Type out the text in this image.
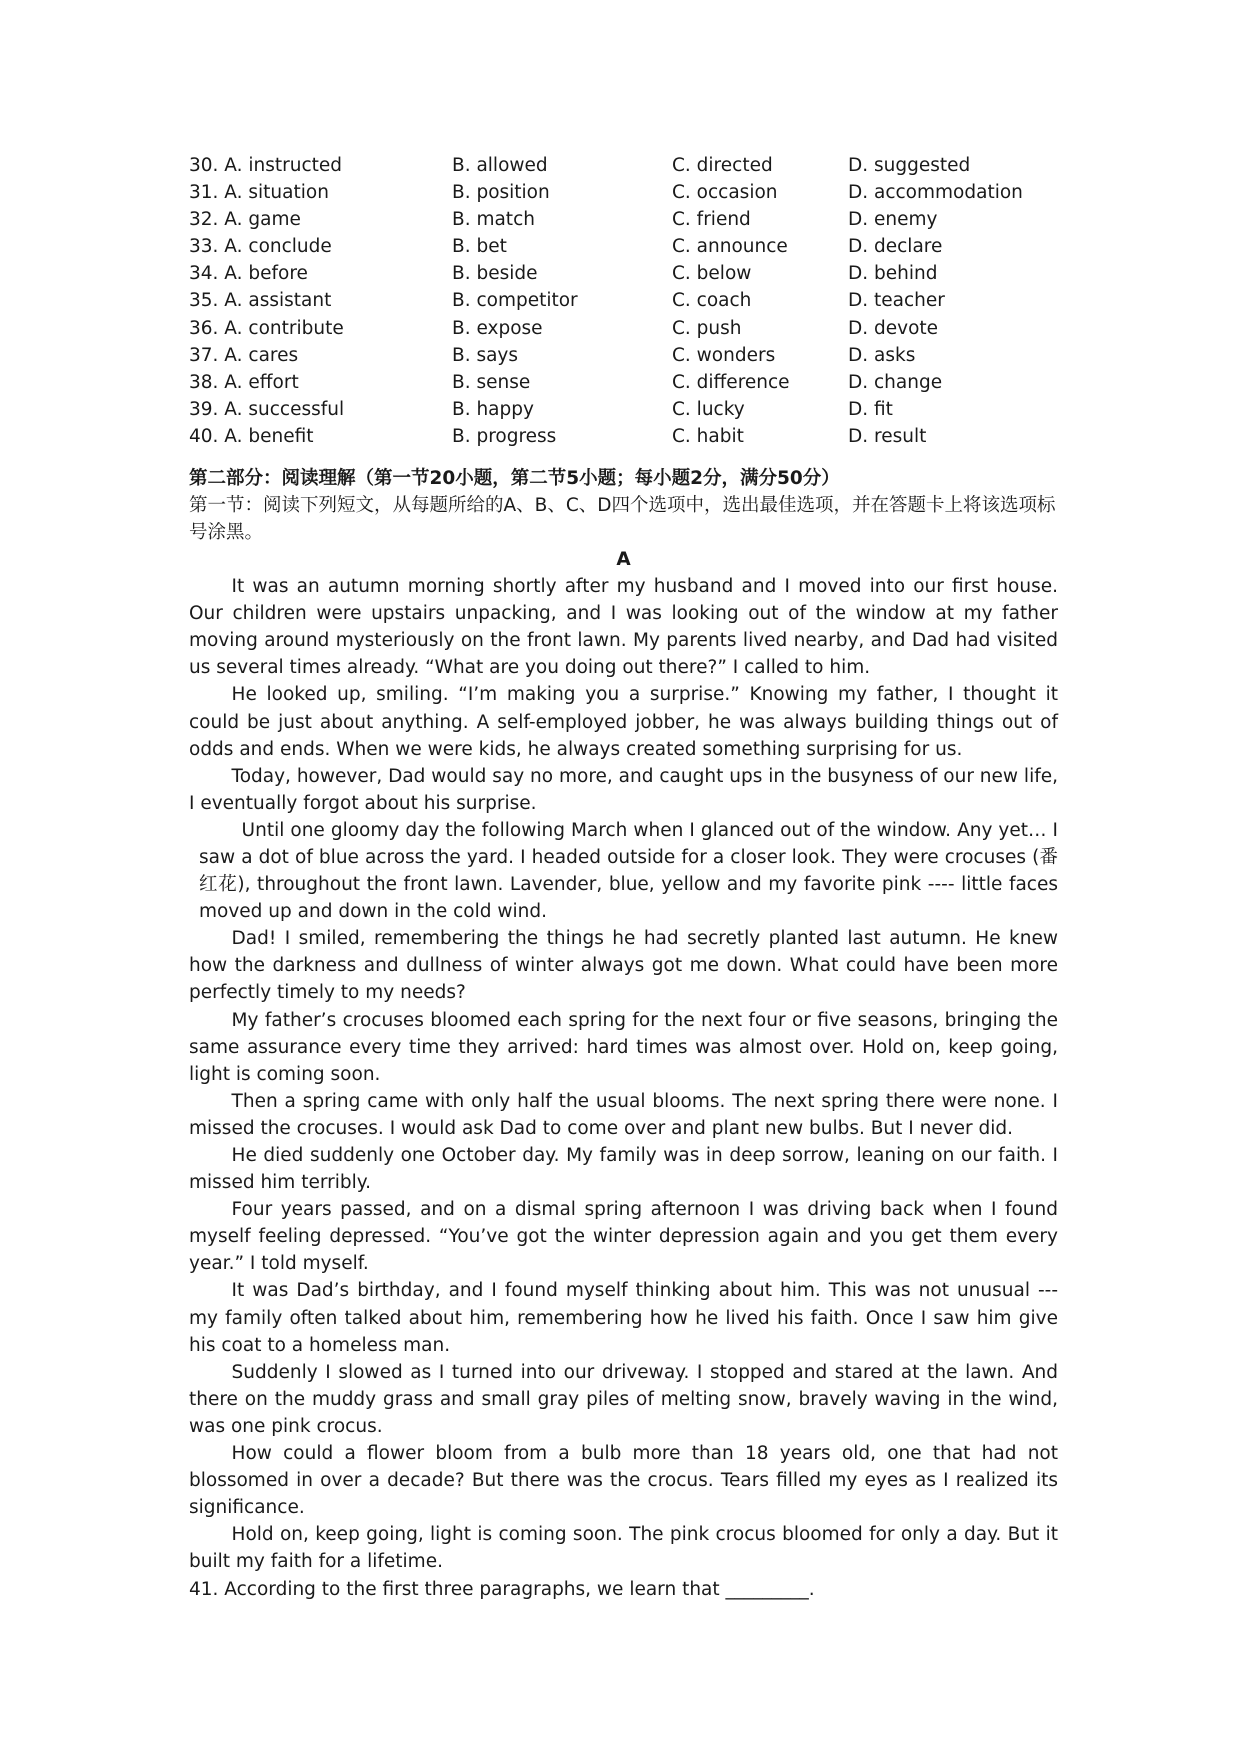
30. A. instructed	B. allowed	C. directed	D. suggested
31. A. situation	B. position	C. occasion	D. accommodation
32. A. game	B. match	C. friend	D. enemy
33. A. conclude	B. bet	C. announce	D. declare
34. A. before	B. beside	C. below	D. behind
35. A. assistant	B. competitor	C. coach	D. teacher
36. A. contribute	B. expose	C. push	D. devote
37. A. cares	B. says	C. wonders	D. asks
38. A. effort	B. sense	C. difference	D. change
39. A. successful	B. happy	C. lucky	D. fit
40. A. benefit	B. progress	C. habit	D. result
第二部分：阅读理解（第一节20小题，第二节5小题；每小题2分，满分50分）
第一节：阅读下列短文，从每题所给的A、B、C、D四个选项中，选出最佳选项，并在答题卡上将该选项标号涂黑。
A

It was an autumn morning shortly after my husband and I moved into our first house. Our children were upstairs unpacking, and I was looking out of the window at my father moving around mysteriously on the front lawn. My parents lived nearby, and Dad had visited us several times already. “What are you doing out there?” I called to him.

He looked up, smiling. “I’m making you a surprise.” Knowing my father, I thought it could be just about anything. A self-employed jobber, he was always building things out of odds and ends. When we were kids, he always created something surprising for us.

Today, however, Dad would say no more, and caught ups in the busyness of our new life, I eventually forgot about his surprise.

Until one gloomy day the following March when I glanced out of the window. Any yet… I saw a dot of blue across the yard. I headed outside for a closer look. They were crocuses (番红花), throughout the front lawn. Lavender, blue, yellow and my favorite pink ---- little faces moved up and down in the cold wind.

Dad! I smiled, remembering the things he had secretly planted last autumn. He knew how the darkness and dullness of winter always got me down. What could have been more perfectly timely to my needs?

My father’s crocuses bloomed each spring for the next four or five seasons, bringing the same assurance every time they arrived: hard times was almost over. Hold on, keep going, light is coming soon.

Then a spring came with only half the usual blooms. The next spring there were none. I missed the crocuses. I would ask Dad to come over and plant new bulbs. But I never did.

He died suddenly one October day. My family was in deep sorrow, leaning on our faith. I missed him terribly.

Four years passed, and on a dismal spring afternoon I was driving back when I found myself feeling depressed. “You’ve got the winter depression again and you get them every year.” I told myself.

It was Dad’s birthday, and I found myself thinking about him. This was not unusual --- my family often talked about him, remembering how he lived his faith. Once I saw him give his coat to a homeless man.

Suddenly I slowed as I turned into our driveway. I stopped and stared at the lawn. And there on the muddy grass and small gray piles of melting snow, bravely waving in the wind, was one pink crocus.

How could a flower bloom from a bulb more than 18 years old, one that had not blossomed in over a decade? But there was the crocus. Tears filled my eyes as I realized its significance.

Hold on, keep going, light is coming soon. The pink crocus bloomed for only a day. But it built my faith for a lifetime.

41. According to the first three paragraphs, we learn that _________.
